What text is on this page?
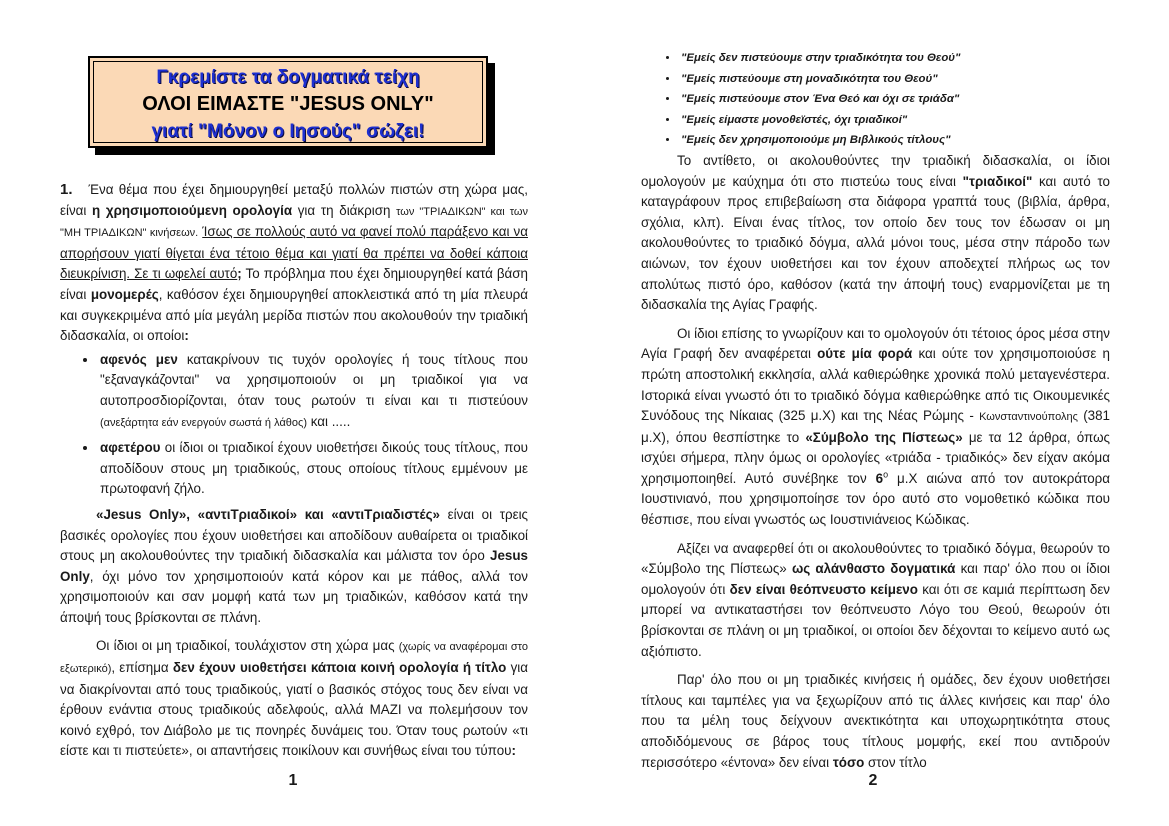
Γκρεμίστε τα δογματικά τείχη
ΟΛΟΙ ΕΙΜΑΣΤΕ "JESUS ONLY"
γιατί "Μόνον ο Ιησούς" σώζει!

1. Ένα θέμα που έχει δημιουργηθεί μεταξύ πολλών πιστών στη χώρα μας, είναι η χρησιμοποιούμενη ορολογία για τη διάκριση των "ΤΡΙΑΔΙΚΩΝ" και των "ΜΗ ΤΡΙΑΔΙΚΩΝ" κινήσεων. Ίσως σε πολλούς αυτό να φανεί πολύ παράξενο και να απορήσουν γιατί θίγεται ένα τέτοιο θέμα και γιατί θα πρέπει να δοθεί κάποια διευκρίνιση. Σε τι ωφελεί αυτό; Το πρόβλημα που έχει δημιουργηθεί κατά βάση είναι μονομερές, καθόσον έχει δημιουργηθεί αποκλειστικά από τη μία πλευρά και συγκεκριμένα από μία μεγάλη μερίδα πιστών που ακολουθούν την τριαδική διδασκαλία, οι οποίοι:

• αφενός μεν κατακρίνουν τις τυχόν ορολογίες ή τους τίτλους που "εξαναγκάζονται" να χρησιμοποιούν οι μη τριαδικοί για να αυτοπροσδιορίζονται, όταν τους ρωτούν τι είναι και τι πιστεύουν (ανεξάρτητα εάν ενεργούν σωστά ή λάθος) και .....
• αφετέρου οι ίδιοι οι τριαδικοί έχουν υιοθετήσει δικούς τους τίτλους, που αποδίδουν στους μη τριαδικούς, στους οποίους τίτλους εμμένουν με πρωτοφανή ζήλο.

«Jesus Only», «αντιΤριαδικοί» και «αντιΤριαδιστές» είναι οι τρεις βασικές ορολογίες που έχουν υιοθετήσει και αποδίδουν αυθαίρετα οι τριαδικοί στους μη ακολουθούντες την τριαδική διδασκαλία και μάλιστα τον όρο Jesus Only, όχι μόνο τον χρησιμοποιούν κατά κόρον και με πάθος, αλλά τον χρησιμοποιούν και σαν μομφή κατά των μη τριαδικών, καθόσον κατά την άποψή τους βρίσκονται σε πλάνη.

Οι ίδιοι οι μη τριαδικοί, τουλάχιστον στη χώρα μας (χωρίς να αναφέρομαι στο εξωτερικό), επίσημα δεν έχουν υιοθετήσει κάποια κοινή ορολογία ή τίτλο για να διακρίνονται από τους τριαδικούς, γιατί ο βασικός στόχος τους δεν είναι να έρθουν ενάντια στους τριαδικούς αδελφούς, αλλά ΜΑΖΙ να πολεμήσουν τον κοινό εχθρό, τον Διάβολο με τις πονηρές δυνάμεις του. Όταν τους ρωτούν «τι είστε και τι πιστεύετε», οι απαντήσεις ποικίλουν και συνήθως είναι του τύπου:

1
• "Εμείς δεν πιστεύουμε στην τριαδικότητα του Θεού"
• "Εμείς πιστεύουμε στη μοναδικότητα του Θεού"
• "Εμείς πιστεύουμε στον Ένα Θεό και όχι σε τριάδα"
• "Εμείς είμαστε μονοθεϊστές, όχι τριαδικοί"
• "Εμείς δεν χρησιμοποιούμε μη Βιβλικούς τίτλους"

Το αντίθετο, οι ακολουθούντες την τριαδική διδασκαλία, οι ίδιοι ομολογούν με καύχημα ότι στο πιστεύω τους είναι "τριαδικοί" και αυτό το καταγράφουν προς επιβεβαίωση στα διάφορα γραπτά τους (βιβλία, άρθρα, σχόλια, κλπ). Είναι ένας τίτλος, τον οποίο δεν τους τον έδωσαν οι μη ακολουθούντες το τριαδικό δόγμα, αλλά μόνοι τους, μέσα στην πάροδο των αιώνων, τον έχουν υιοθετήσει και τον έχουν αποδεχτεί πλήρως ως τον απολύτως πιστό όρο, καθόσον (κατά την άποψή τους) εναρμονίζεται με τη διδασκαλία της Αγίας Γραφής.

Οι ίδιοι επίσης το γνωρίζουν και το ομολογούν ότι τέτοιος όρος μέσα στην Αγία Γραφή δεν αναφέρεται ούτε μία φορά και ούτε τον χρησιμοποιούσε η πρώτη αποστολική εκκλησία, αλλά καθιερώθηκε χρονικά πολύ μεταγενέστερα. Ιστορικά είναι γνωστό ότι το τριαδικό δόγμα καθιερώθηκε από τις Οικουμενικές Συνόδους της Νίκαιας (325 μ.Χ) και της Νέας Ρώμης - Κωνσταντινούπολης (381 μ.Χ), όπου θεσπίστηκε το «Σύμβολο της Πίστεως» με τα 12 άρθρα, όπως ισχύει σήμερα, πλην όμως οι ορολογίες «τριάδα - τριαδικός» δεν είχαν ακόμα χρησιμοποιηθεί. Αυτό συνέβηκε τον $6^o$ μ.Χ αιώνα από τον αυτοκράτορα Ιουστινιανό, που χρησιμοποίησε τον όρο αυτό στο νομοθετικό κώδικα που θέσπισε, που είναι γνωστός ως Ιουστινιάνειος Κώδικας.

Αξίζει να αναφερθεί ότι οι ακολουθούντες το τριαδικό δόγμα, θεωρούν το «Σύμβολο της Πίστεως» ως αλάνθαστο δογματικά και παρ' όλο που οι ίδιοι ομολογούν ότι δεν είναι θεόπνευστο κείμενο και ότι σε καμιά περίπτωση δεν μπορεί να αντικαταστήσει τον θεόπνευστο Λόγο του Θεού, θεωρούν ότι βρίσκονται σε πλάνη οι μη τριαδικοί, οι οποίοι δεν δέχονται το κείμενο αυτό ως αξιόπιστο.

Παρ' όλο που οι μη τριαδικές κινήσεις ή ομάδες, δεν έχουν υιοθετήσει τίτλους και ταμπέλες για να ξεχωρίζουν από τις άλλες κινήσεις και παρ' όλο που τα μέλη τους δείχνουν ανεκτικότητα και υποχωρητικότητα στους αποδιδόμενους σε βάρος τους τίτλους μομφής, εκεί που αντιδρούν περισσότερο «έντονα» δεν είναι τόσο στον τίτλο

2
